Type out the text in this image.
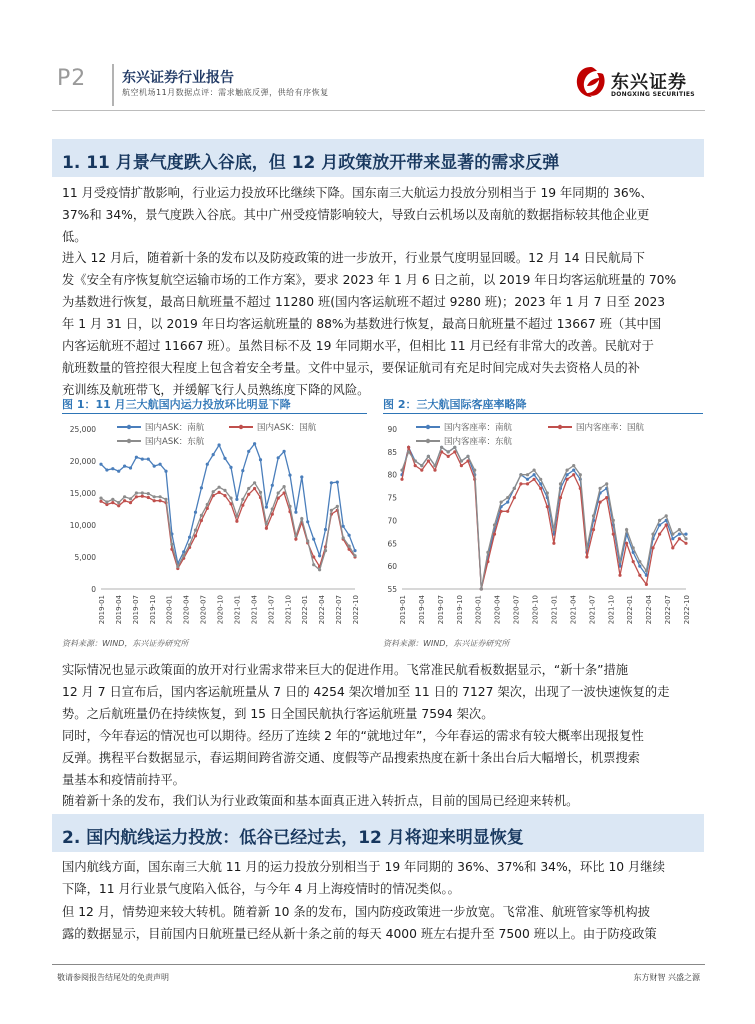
P2	东兴证券行业报告
航空机场11月数据点评：需求触底反弹，供给有序恢复	东兴证券
DONGXING SECURITIES
1. 11 月景气度跌入谷底，但 12 月政策放开带来显著的需求反弹
11 月受疫情扩散影响，行业运力投放环比继续下降。国东南三大航运力投放分别相当于 19 年同期的 36%、
37%和 34%，景气度跌入谷底。其中广州受疫情影响较大，导致白云机场以及南航的数据指标较其他企业更
低。
进入 12 月后，随着新十条的发布以及防疫政策的进一步放开，行业景气度明显回暖。12 月 14 日民航局下
发《安全有序恢复航空运输市场的工作方案》，要求 2023 年 1 月 6 日之前，以 2019 年日均客运航班量的 70%
为基数进行恢复，最高日航班量不超过 11280 班(国内客运航班不超过 9280 班)；2023 年 1 月 7 日至 2023
年 1 月 31 日，以 2019 年日均客运航班量的 88%为基数进行恢复，最高日航班量不超过 13667 班（其中国
内客运航班不超过 11667 班）。虽然目标不及 19 年同期水平，但相比 11 月已经有非常大的改善。民航对于
航班数量的管控很大程度上包含着安全考量。文件中显示，要保证航司有充足时间完成对失去资格人员的补
充训练及航班带飞，并缓解飞行人员熟练度下降的风险。
图 1：11 月三大航国内运力投放环比明显下降
0
5,000
10,000
15,000
20,000
25,000
2019-01 2019-04 2019-07 2019-10 2020-01 2020-04 2020-07 2020-10 2021-01 2021-04 2021-07 2021-10 2022-01 2022-04 2022-07 2022-10
国内ASK：南航	国内ASK：国航
国内ASK：东航
资料来源：WIND，东兴证券研究所
图 2：三大航国际客座率略降
55
60
65
70
75
80
85
90
2019-01 2019-04 2019-07 2019-10 2020-01 2020-04 2020-07 2020-10 2021-01 2021-04 2021-07 2021-10 2022-01 2022-04 2022-07 2022-10
国内客座率：南航	国内客座率：国航
国内客座率：东航
资料来源：WIND，东兴证券研究所
实际情况也显示政策面的放开对行业需求带来巨大的促进作用。飞常准民航看板数据显示，“新十条”措施
12 月 7 日宣布后，国内客运航班量从 7 日的 4254 架次增加至 11 日的 7127 架次，出现了一波快速恢复的走
势。之后航班量仍在持续恢复，到 15 日全国民航执行客运航班量 7594 架次。
同时，今年春运的情况也可以期待。经历了连续 2 年的“就地过年”，今年春运的需求有较大概率出现报复性
反弹。携程平台数据显示，春运期间跨省游交通、度假等产品搜索热度在新十条出台后大幅增长，机票搜索
量基本和疫情前持平。
随着新十条的发布，我们认为行业政策面和基本面真正进入转折点，目前的国局已经迎来转机。
2. 国内航线运力投放：低谷已经过去，12 月将迎来明显恢复
国内航线方面，国东南三大航 11 月的运力投放分别相当于 19 年同期的 36%、37%和 34%，环比 10 月继续
下降，11 月行业景气度陷入低谷，与今年 4 月上海疫情时的情况类似。。
但 12 月，情势迎来较大转机。随着新 10 条的发布，国内防疫政策进一步放宽。飞常准、航班管家等机构披
露的数据显示，目前国内日航班量已经从新十条之前的每天 4000 班左右提升至 7500 班以上。由于防疫政策
敬请参阅报告结尾处的免责声明	东方财智 兴盛之源
